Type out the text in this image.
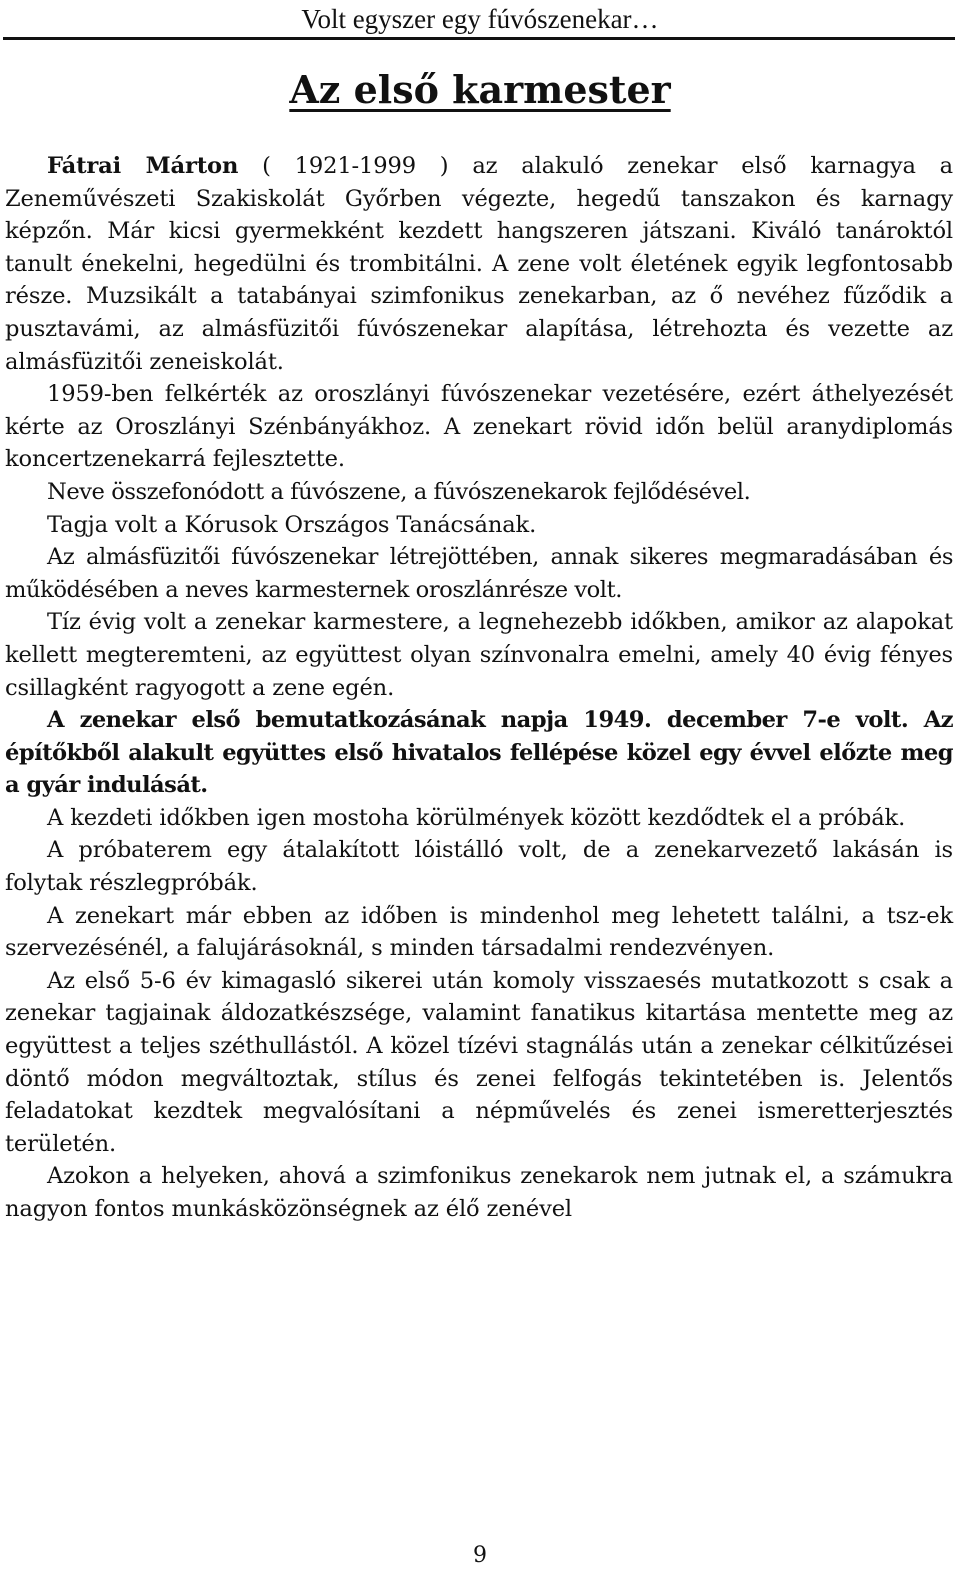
Volt egyszer egy fúvószenekar…
Az első karmester

Fátrai Márton ( 1921-1999 ) az alakuló zenekar első karnagya a Zeneművészeti Szakiskolát Győrben végezte, hegedű tanszakon és karnagy képzőn. Már kicsi gyermekként kezdett hangszeren játszani. Kiváló tanároktól tanult énekelni, hegedülni és trombitálni. A zene volt életének egyik legfontosabb része. Muzsikált a tatabányai szimfonikus zenekarban, az ő nevéhez fűződik a pusztavámi, az almásfüzitői fúvószenekar alapítása, létrehozta és vezette az almásfüzitői zeneiskolát.

1959-ben felkérték az oroszlányi fúvószenekar vezetésére, ezért áthelyezését kérte az Oroszlányi Szénbányákhoz. A zenekart rövid időn belül aranydiplomás koncertzenekarrá fejlesztette.

Neve összefonódott a fúvószene, a fúvószenekarok fejlődésével.

Tagja volt a Kórusok Országos Tanácsának.

Az almásfüzitői fúvószenekar létrejöttében, annak sikeres megmaradásában és működésében a neves karmesternek oroszlánrésze volt.

Tíz évig volt a zenekar karmestere, a legnehezebb időkben, amikor az alapokat kellett megteremteni, az együttest olyan színvonalra emelni, amely 40 évig fényes csillagként ragyogott a zene egén.

A zenekar első bemutatkozásának napja 1949. december 7-e volt. Az építőkből alakult együttes első hivatalos fellépése közel egy évvel előzte meg a gyár indulását.

A kezdeti időkben igen mostoha körülmények között kezdődtek el a próbák.

A próbaterem egy átalakított lóistálló volt, de a zenekarvezető lakásán is folytak részlegpróbák.

A zenekart már ebben az időben is mindenhol meg lehetett találni, a tsz-ek szervezésénél, a falujárásoknál, s minden társadalmi rendezvényen.

Az első 5-6 év kimagasló sikerei után komoly visszaesés mutatkozott s csak a zenekar tagjainak áldozatkészsége, valamint fanatikus kitartása mentette meg az együttest a teljes széthullástól. A közel tízévi stagnálás után a zenekar célkitűzései döntő módon megváltoztak, stílus és zenei felfogás tekintetében is. Jelentős feladatokat kezdtek megvalósítani a népművelés és zenei ismeretterjesztés területén.

Azokon a helyeken, ahová a szimfonikus zenekarok nem jutnak el, a számukra nagyon fontos munkásközönségnek az élő zenével

9
